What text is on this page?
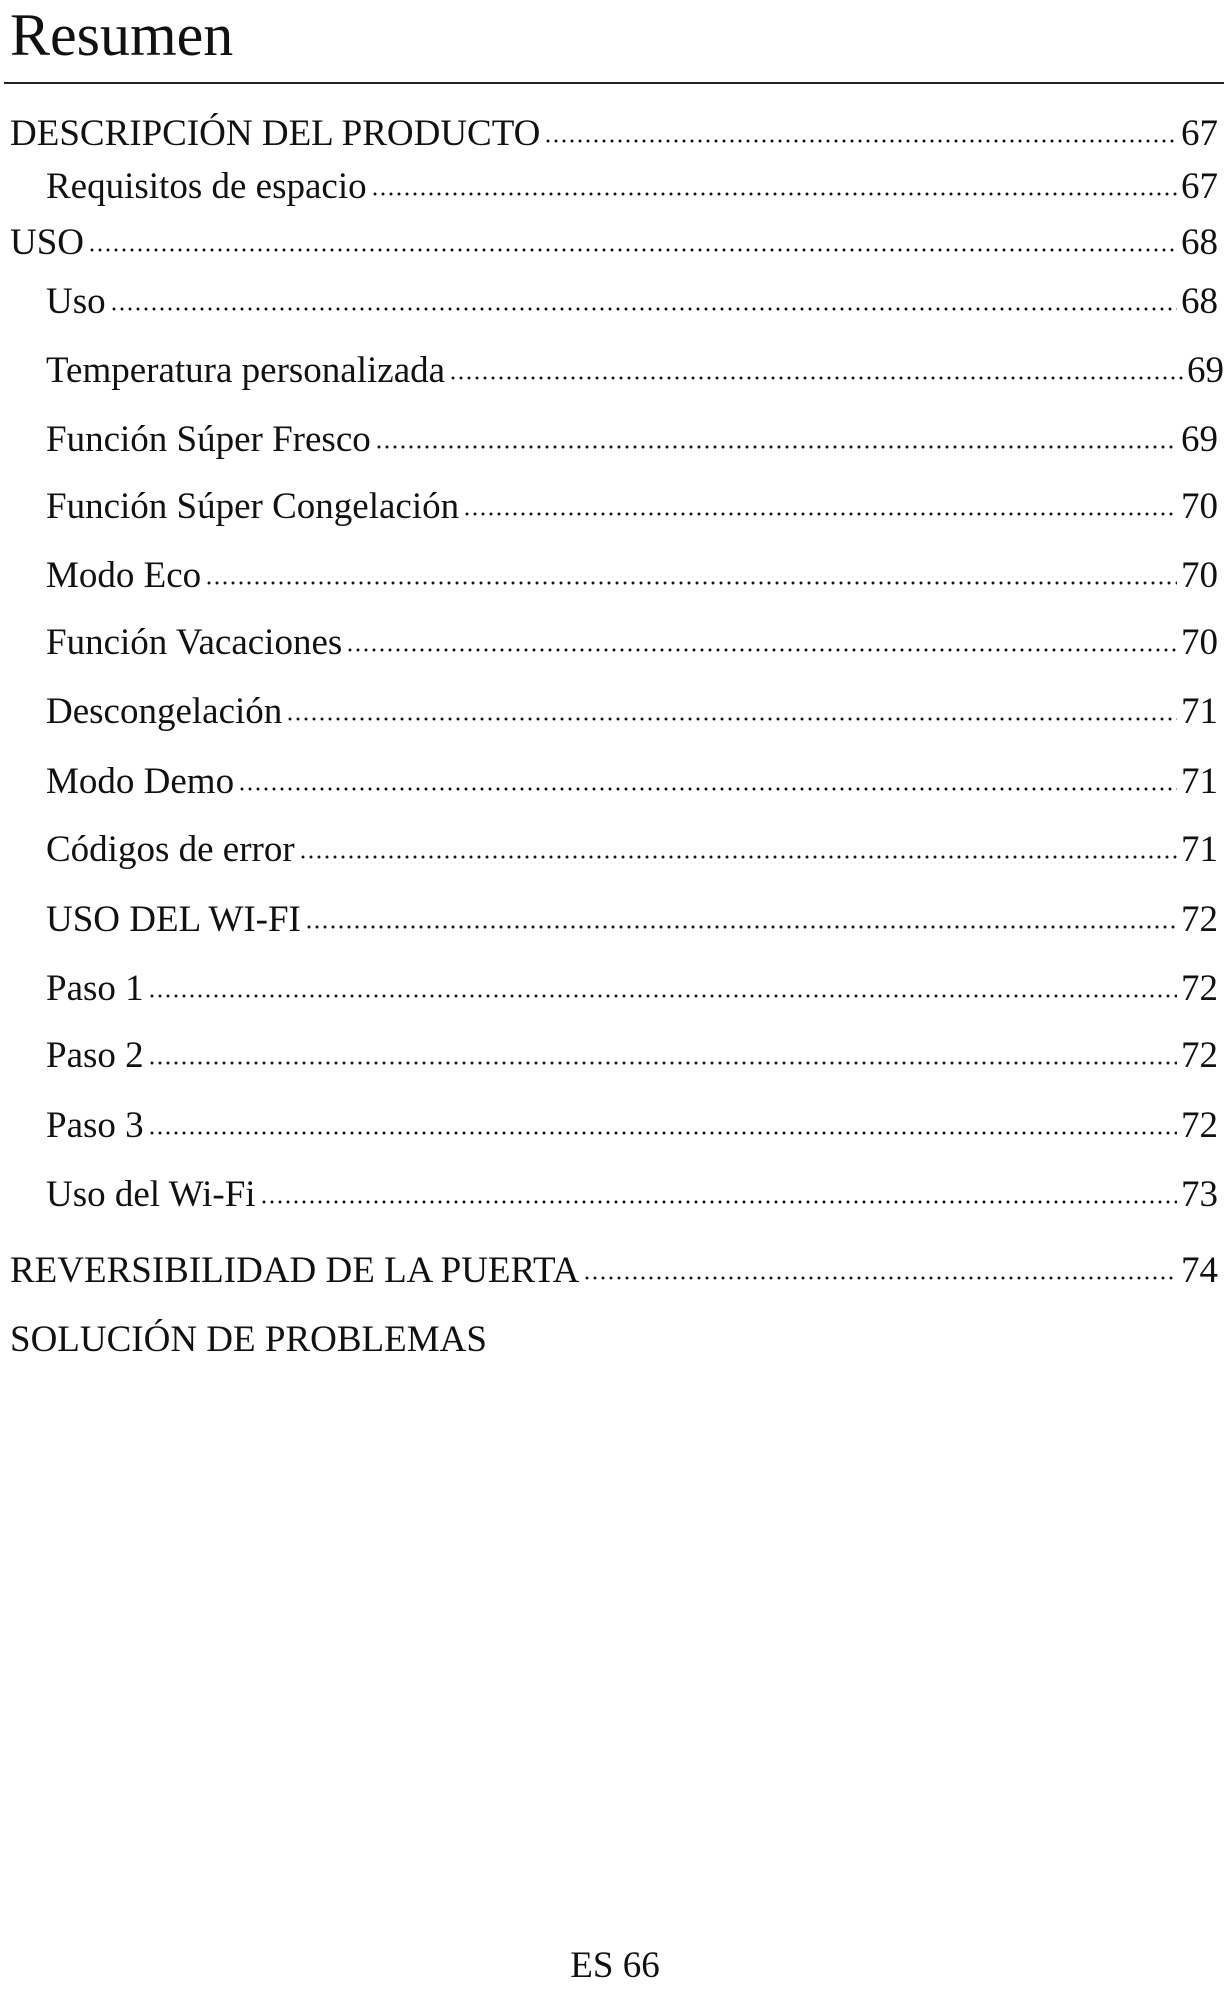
Resumen
DESCRIPCIÓN DEL PRODUCTO	67
Requisitos de espacio	67
USO	68
Uso	68
Temperatura personalizada	69
Función Súper Fresco	69
Función Súper Congelación	70
Modo Eco	70
Función Vacaciones	70
Descongelación	71
Modo Demo	71
Códigos de error	71
USO DEL WI-FI	72
Paso 1	72
Paso 2	72
Paso 3	72
Uso del Wi-Fi	73
REVERSIBILIDAD DE LA PUERTA	74
SOLUCIÓN DE PROBLEMAS
ES 66
